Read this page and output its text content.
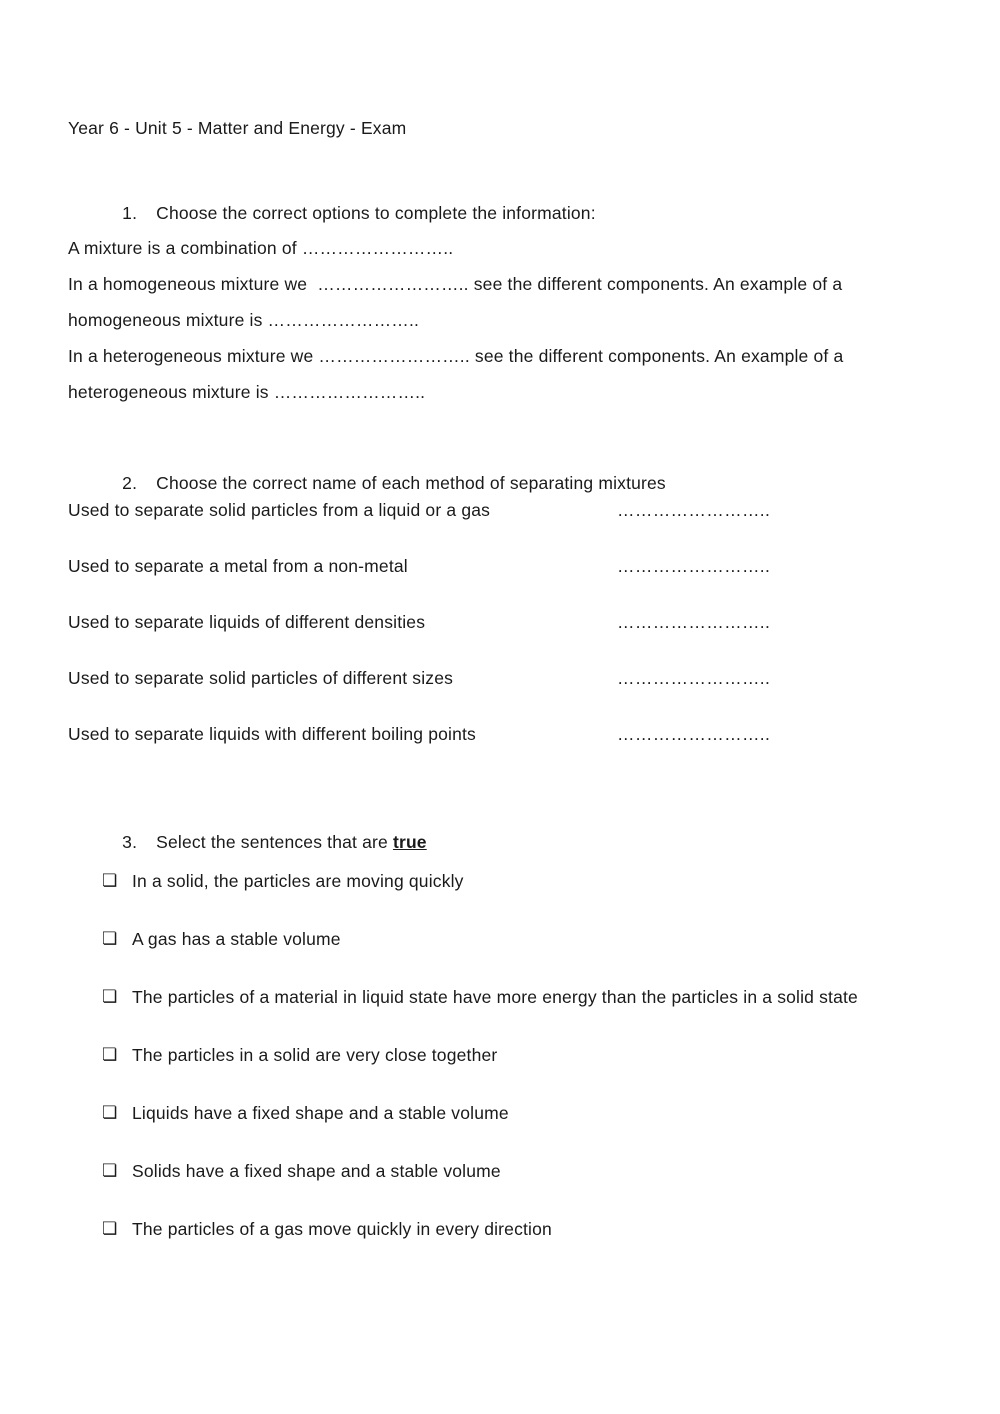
Year 6 - Unit 5 - Matter and Energy - Exam

1. Choose the correct options to complete the information:

A mixture is a combination of ……………………..
In a homogeneous mixture we  …………………….. see the different components. An example of a homogeneous mixture is ……………………..
In a heterogeneous mixture we …………………….. see the different components. An example of a heterogeneous mixture is ……………………..

2. Choose the correct name of each method of separating mixtures

Used to separate solid particles from a liquid or a gas	……………………..
Used to separate a metal from a non-metal	……………………..
Used to separate liquids of different densities	……………………..
Used to separate solid particles of different sizes	……………………..
Used to separate liquids with different boiling points	……………………..

3. Select the sentences that are true

❏ In a solid, the particles are moving quickly
❏ A gas has a stable volume
❏ The particles of a material in liquid state have more energy than the particles in a solid state
❏ The particles in a solid are very close together
❏ Liquids have a fixed shape and a stable volume
❏ Solids have a fixed shape and a stable volume
❏ The particles of a gas move quickly in every direction
